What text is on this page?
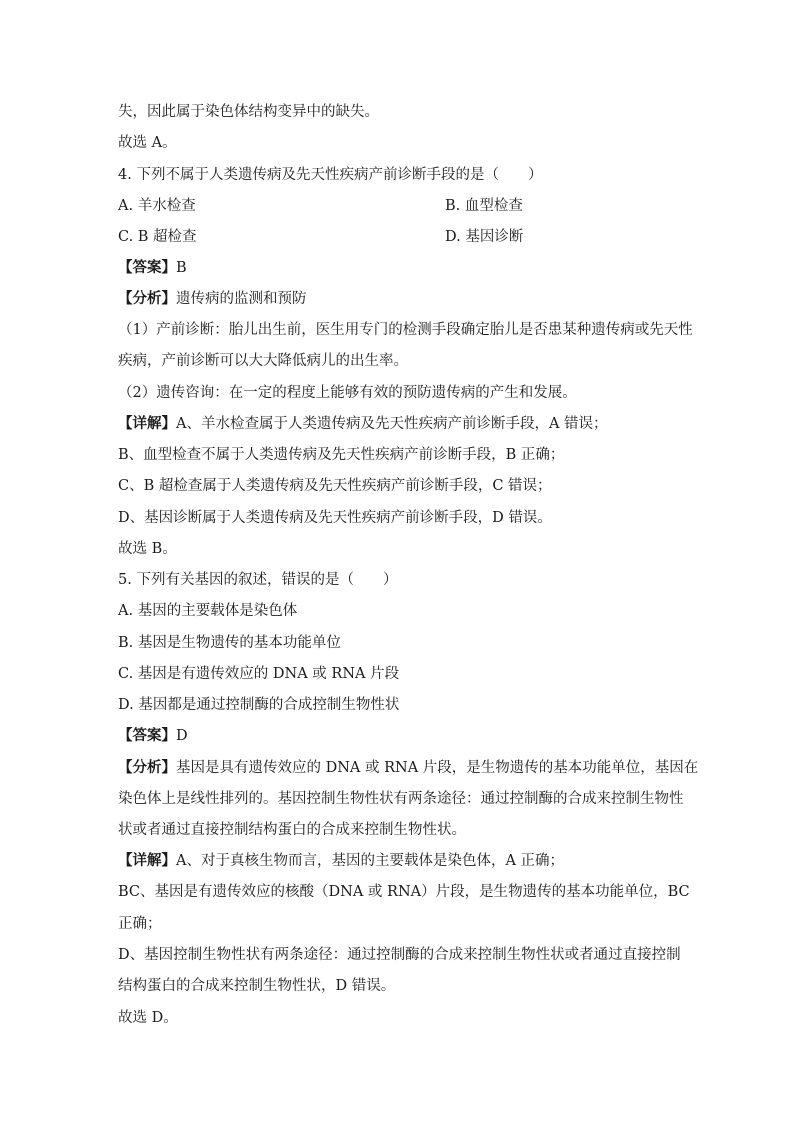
失，因此属于染色体结构变异中的缺失。
故选 A。
4. 下列不属于人类遗传病及先天性疾病产前诊断手段的是（　　）
A. 羊水检查	B. 血型检查
C. B 超检查	D. 基因诊断
【答案】B
【分析】遗传病的监测和预防
（1）产前诊断：胎儿出生前，医生用专门的检测手段确定胎儿是否患某种遗传病或先天性
疾病，产前诊断可以大大降低病儿的出生率。
（2）遗传咨询：在一定的程度上能够有效的预防遗传病的产生和发展。
【详解】A、羊水检查属于人类遗传病及先天性疾病产前诊断手段，A 错误；
B、血型检查不属于人类遗传病及先天性疾病产前诊断手段，B 正确；
C、B 超检查属于人类遗传病及先天性疾病产前诊断手段，C 错误；
D、基因诊断属于人类遗传病及先天性疾病产前诊断手段，D 错误。
故选 B。
5. 下列有关基因的叙述，错误的是（　　）
A. 基因的主要载体是染色体
B. 基因是生物遗传的基本功能单位
C. 基因是有遗传效应的 DNA 或 RNA 片段
D. 基因都是通过控制酶的合成控制生物性状
【答案】D
【分析】基因是具有遗传效应的 DNA 或 RNA 片段，是生物遗传的基本功能单位，基因在
染色体上是线性排列的。基因控制生物性状有两条途径：通过控制酶的合成来控制生物性
状或者通过直接控制结构蛋白的合成来控制生物性状。
【详解】A、对于真核生物而言，基因的主要载体是染色体，A 正确；
BC、基因是有遗传效应的核酸（DNA 或 RNA）片段，是生物遗传的基本功能单位，BC
正确；
D、基因控制生物性状有两条途径：通过控制酶的合成来控制生物性状或者通过直接控制
结构蛋白的合成来控制生物性状，D 错误。
故选 D。
